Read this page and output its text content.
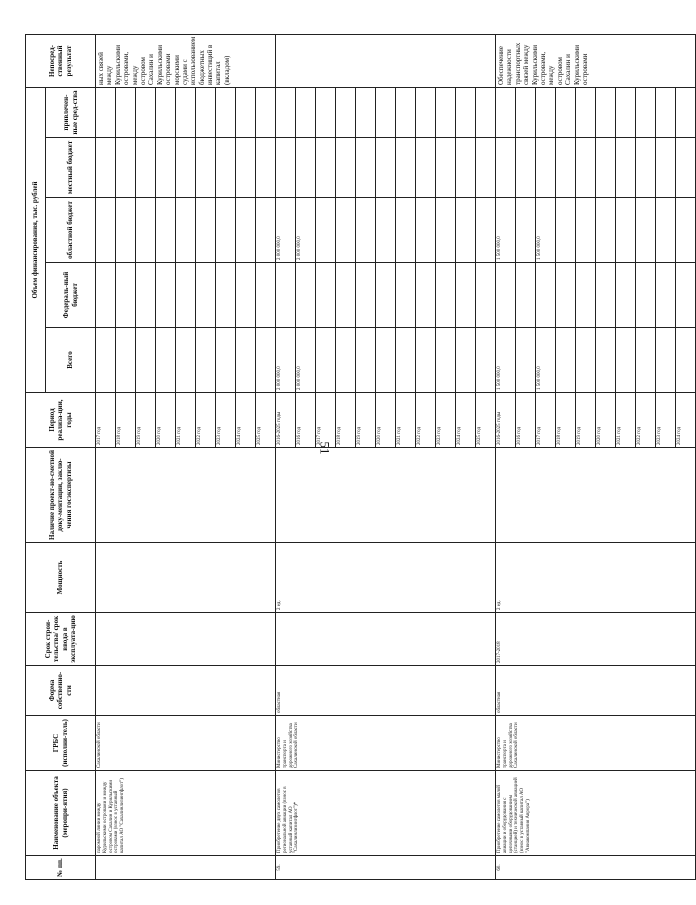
51
№ пп.	Наименование объекта (меропри-ятия)	ГРБС (исполни-тель)	Форма собственно-сти	Срок строи-тельства/ срок ввода в эксплуата-цию	Мощность	Наличие проект-но-сметной доку-ментации, заклю-чения госэкспертизы	Период реализа-ции, годы	Объем финансирования, тыс. рублей					Непосред-ственный результат
								Всего	Федераль-ный бюджет	областной бюджет	местный бюджет	привлечен-ные сред-ства	
	паромной линии между Курильскими островами и между островом Сахалин и Курильскими островами (взнос в уставный капитал АО "Сахалинлизингфлот")	Сахалинской области					2017 год						ных связей между Курильскими островами, между островом Сахалин и Курильскими островами морскими судами с использованием бюджетных инвестиций в капитал (вкладом)
							2018 год						
							2019 год						
							2020 год						
							2021 год						
							2022 год						
							2023 год						
							2024 год						
							2025 год						
59.	Приобретение двух самолетов региональной авиации (взнос в уставный капитал АО "Сахалинлизингфлот")*	Министерство транспорта и дорожного хозяйства Сахалинской области	областная		2 ед.		2016-2025 годы	2 000 000,0		2 000 000,0			
							2016 год	2 000 000,0		2 000 000,0			
							2017 год						
							2018 год						
							2019 год						
							2020 год						
							2021 год						
							2022 год						
							2023 год						
							2024 год						
							2025 год						
60.	Приобретение самолетов малой авиации и оборудования с цепочными оборудованием (станцией) и технической авиацией (взнос в уставный капитал АО "Авиакомпания Аврора")	Министерство транспорта и дорожного хозяйства Сахалинской области	областная	2017-2018	2 ед.		2016-2025 годы	1 500 000,0		1 500 000,0			Обеспечение надежности транспортных связей между Курильскими островами, между островом Сахалин и Курильскими островами
							2016 год						
							2017 год	1 500 000,0		1 500 000,0			
							2018 год						
							2019 год						
							2020 год						
							2021 год						
							2022 год						
							2023 год						
							2024 год						
